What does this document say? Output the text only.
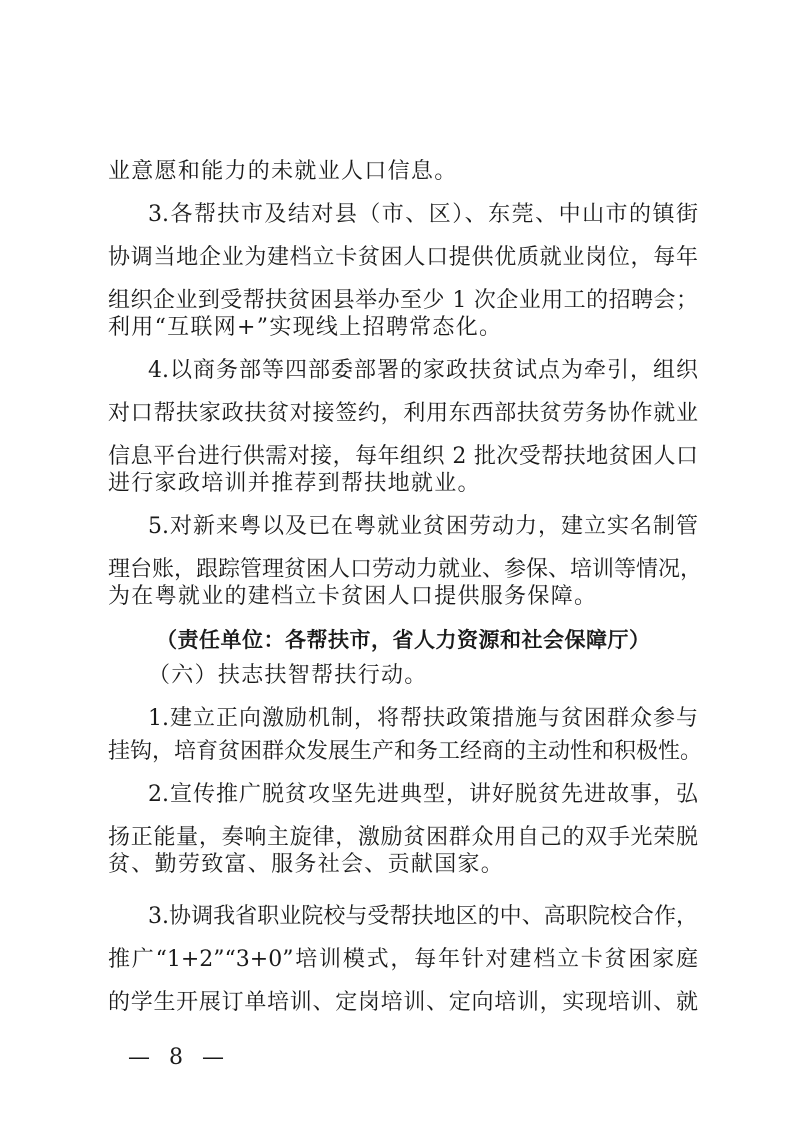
业意愿和能力的未就业人口信息。
3.各帮扶市及结对县（市、区）、东莞、中山市的镇街
协调当地企业为建档立卡贫困人口提供优质就业岗位，每年
组织企业到受帮扶贫困县举办至少 1 次企业用工的招聘会；
利用“互联网+”实现线上招聘常态化。
4.以商务部等四部委部署的家政扶贫试点为牵引，组织
对口帮扶家政扶贫对接签约，利用东西部扶贫劳务协作就业
信息平台进行供需对接，每年组织 2 批次受帮扶地贫困人口
进行家政培训并推荐到帮扶地就业。
5.对新来粤以及已在粤就业贫困劳动力，建立实名制管
理台账，跟踪管理贫困人口劳动力就业、参保、培训等情况，
为在粤就业的建档立卡贫困人口提供服务保障。
（责任单位：各帮扶市，省人力资源和社会保障厅）
（六）扶志扶智帮扶行动。
1.建立正向激励机制，将帮扶政策措施与贫困群众参与
挂钩，培育贫困群众发展生产和务工经商的主动性和积极性。
2.宣传推广脱贫攻坚先进典型，讲好脱贫先进故事，弘
扬正能量，奏响主旋律，激励贫困群众用自己的双手光荣脱
贫、勤劳致富、服务社会、贡献国家。
3.协调我省职业院校与受帮扶地区的中、高职院校合作，
推广“1+2”“3+0”培训模式，每年针对建档立卡贫困家庭
的学生开展订单培训、定岗培训、定向培训，实现培训、就
— 8 —
